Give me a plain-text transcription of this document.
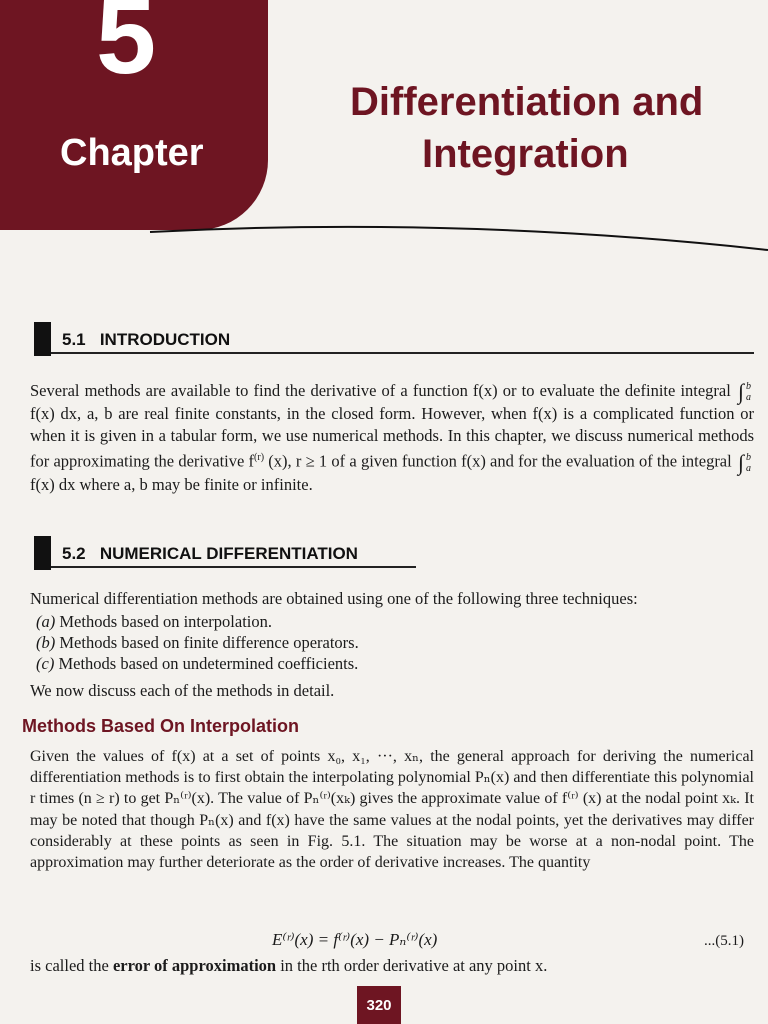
5
Chapter
Differentiation and
Integration
5.1 INTRODUCTION

Several methods are available to find the derivative of a function f(x) or to evaluate the definite integral ∫ b
a
f(x) dx, a, b are real finite constants, in the closed form. However, when f(x) is a complicated function or when it is given in a tabular form, we use numerical methods. In this chapter, we discuss numerical methods for approximating the derivative $f^{(r)}$ (x), r ≥ 1 of a given function f(x) and for the evaluation of the integral ∫ b
a
f(x) dx where a, b may be finite or infinite.

5.2 NUMERICAL DIFFERENTIATION

Numerical differentiation methods are obtained using one of the following three techniques:

(a) Methods based on interpolation.
(b) Methods based on finite difference operators.
(c) Methods based on undetermined coefficients.

We now discuss each of the methods in detail.

Methods Based On Interpolation

Given the values of f(x) at a set of points x₀, x₁, ···, xₙ, the general approach for deriving the numerical differentiation methods is to first obtain the interpolating polynomial Pₙ(x) and then differentiate this polynomial r times (n ≥ r) to get Pₙ⁽ʳ⁾(x). The value of Pₙ⁽ʳ⁾(xₖ) gives the approximate value of f⁽ʳ⁾ (x) at the nodal point xₖ. It may be noted that though Pₙ(x) and f(x) have the same values at the nodal points, yet the derivatives may differ considerably at these points as seen in Fig. 5.1. The situation may be worse at a non-nodal point. The approximation may further deteriorate as the order of derivative increases. The quantity

E⁽ʳ⁾(x) = f⁽ʳ⁾(x) − Pₙ⁽ʳ⁾(x)	...(5.1)

is called the error of approximation in the rth order derivative at any point x.

320
